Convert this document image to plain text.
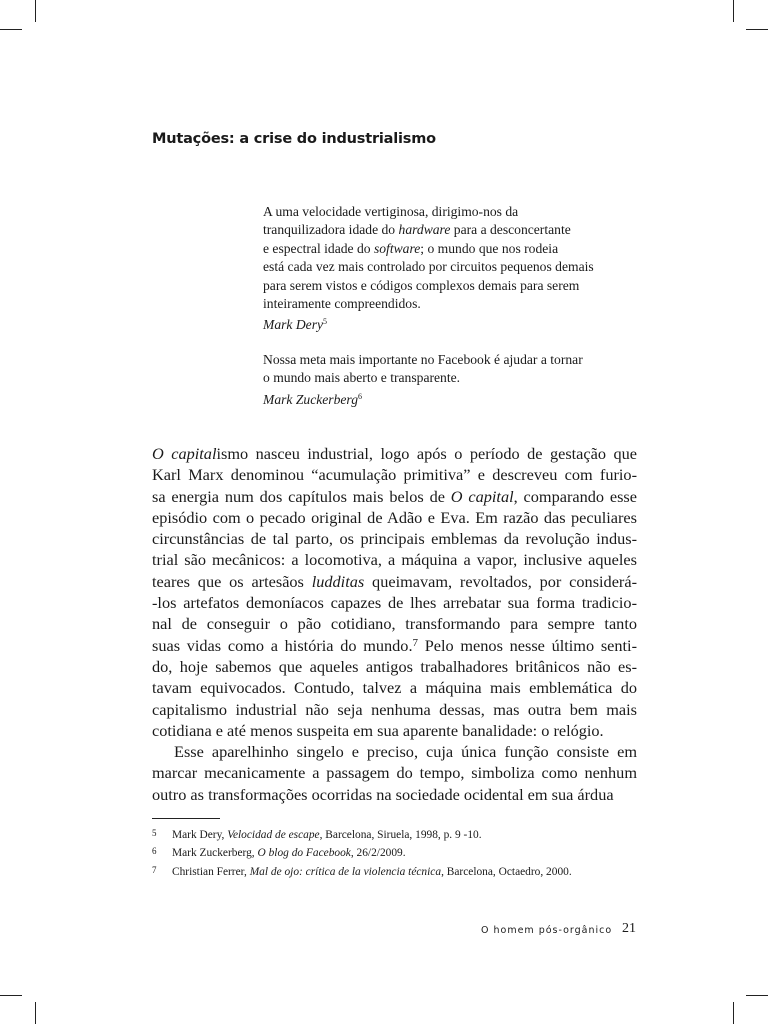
Mutações: a crise do industrialismo
A uma velocidade vertiginosa, dirigimo-nos da
tranquilizadora idade do hardware para a desconcertante
e espectral idade do software; o mundo que nos rodeia
está cada vez mais controlado por circuitos pequenos demais
para serem vistos e códigos complexos demais para serem
inteiramente compreendidos.
Mark Dery$^5$
Nossa meta mais importante no Facebook é ajudar a tornar
o mundo mais aberto e transparente.
Mark Zuckerberg$^6$
O capitalismo nasceu industrial, logo após o período de gestação que
Karl Marx denominou “acumulação primitiva” e descreveu com furio-
sa energia num dos capítulos mais belos de O capital, comparando esse
episódio com o pecado original de Adão e Eva. Em razão das peculiares
circunstâncias de tal parto, os principais emblemas da revolução indus-
trial são mecânicos: a locomotiva, a máquina a vapor, inclusive aqueles
teares que os artesãos ludditas queimavam, revoltados, por considerá-
-los artefatos demoníacos capazes de lhes arrebatar sua forma tradicio-
nal de conseguir o pão cotidiano, transformando para sempre tanto
suas vidas como a história do mundo.$^7$ Pelo menos nesse último senti-
do, hoje sabemos que aqueles antigos trabalhadores britânicos não es-
tavam equivocados. Contudo, talvez a máquina mais emblemática do
capitalismo industrial não seja nenhuma dessas, mas outra bem mais
cotidiana e até menos suspeita em sua aparente banalidade: o relógio.
Esse aparelhinho singelo e preciso, cuja única função consiste em
marcar mecanicamente a passagem do tempo, simboliza como nenhum
outro as transformações ocorridas na sociedade ocidental em sua árdua
5	Mark Dery, Velocidad de escape, Barcelona, Siruela, 1998, p. 9 -10.
6	Mark Zuckerberg, O blog do Facebook, 26/2/2009.
7	Christian Ferrer, Mal de ojo: crítica de la violencia técnica, Barcelona, Octaedro, 2000.
O homem pós-orgânico 21
